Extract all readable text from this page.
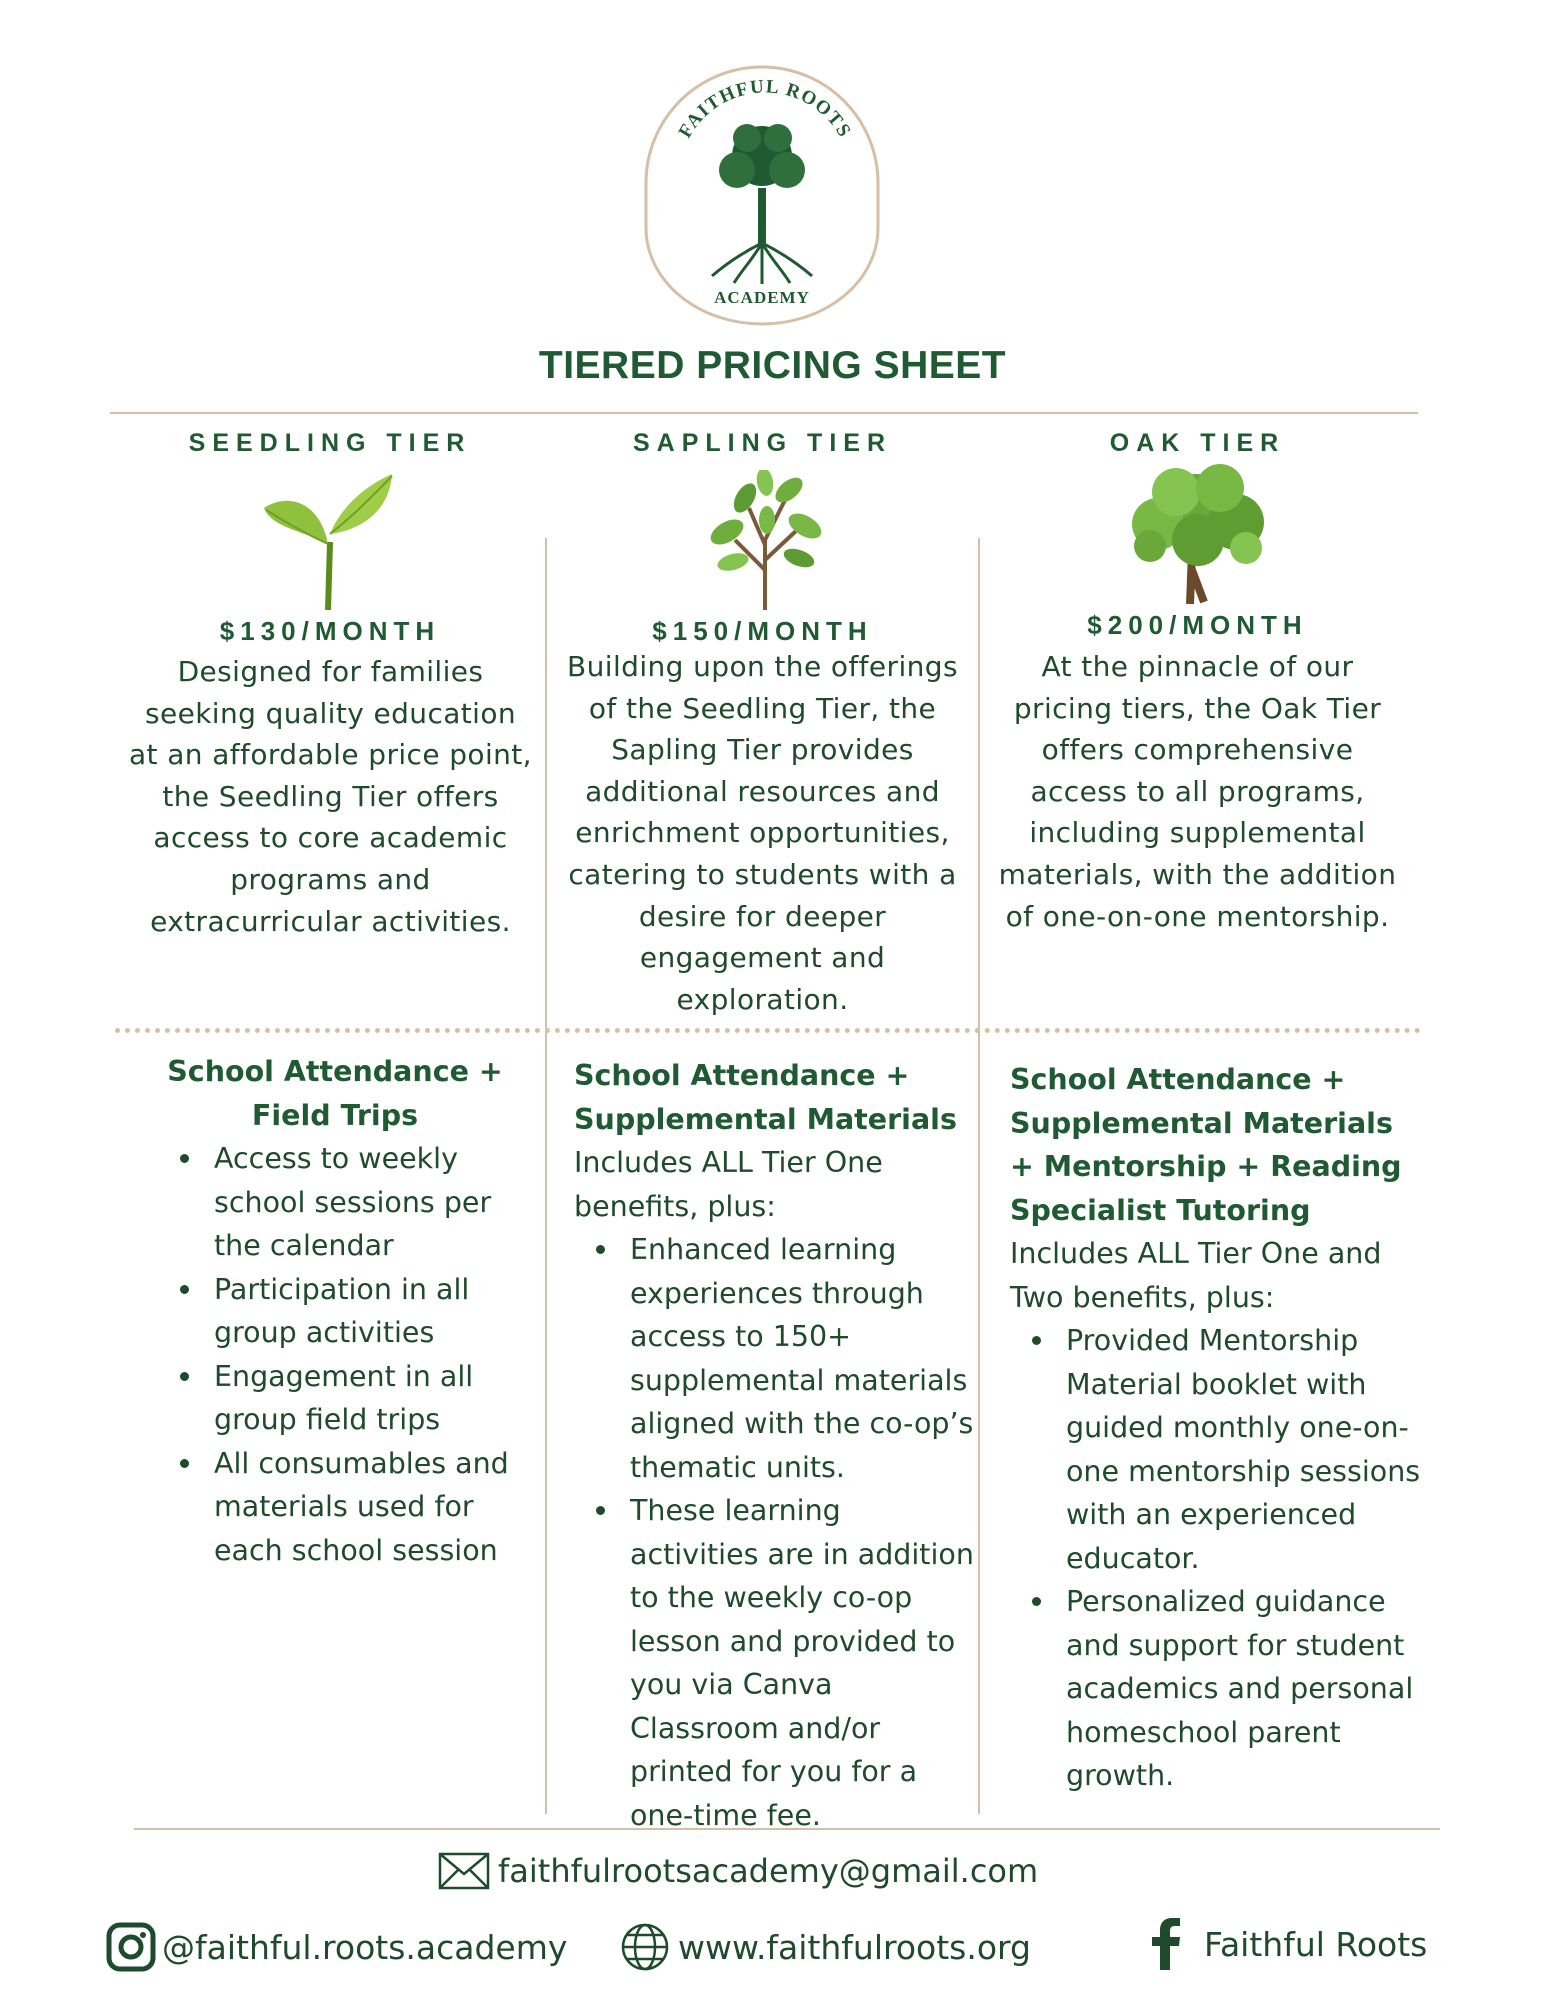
FAITHFUL ROOTS
ACADEMY
TIERED PRICING SHEET
SEEDLING TIER
$130/MONTH
Designed for families seeking quality education at an affordable price point, the Seedling Tier offers access to core academic programs and extracurricular activities.
School Attendance + Field Trips
Access to weekly school sessions per the calendar
Participation in all group activities
Engagement in all group field trips
All consumables and materials used for each school session
SAPLING TIER
$150/MONTH
Building upon the offerings of the Seedling Tier, the Sapling Tier provides additional resources and enrichment opportunities, catering to students with a desire for deeper engagement and exploration.
School Attendance + Supplemental Materials
Includes ALL Tier One benefits, plus:
Enhanced learning experiences through access to 150+ supplemental materials aligned with the co-op’s thematic units.
These learning activities are in addition to the weekly co-op lesson and provided to you via Canva Classroom and/or printed for you for a one-time fee.
OAK TIER
$200/MONTH
At the pinnacle of our pricing tiers, the Oak Tier offers comprehensive access to all programs, including supplemental materials, with the addition of one-on-one mentorship.
School Attendance + Supplemental Materials + Mentorship + Reading Specialist Tutoring
Includes ALL Tier One and Two benefits, plus:
Provided Mentorship Material booklet with guided monthly one-on-one mentorship sessions with an experienced educator.
Personalized guidance and support for student academics and personal homeschool parent growth.
faithfulrootsacademy@gmail.com
@faithful.roots.academy	www.faithfulroots.org	Faithful Roots
